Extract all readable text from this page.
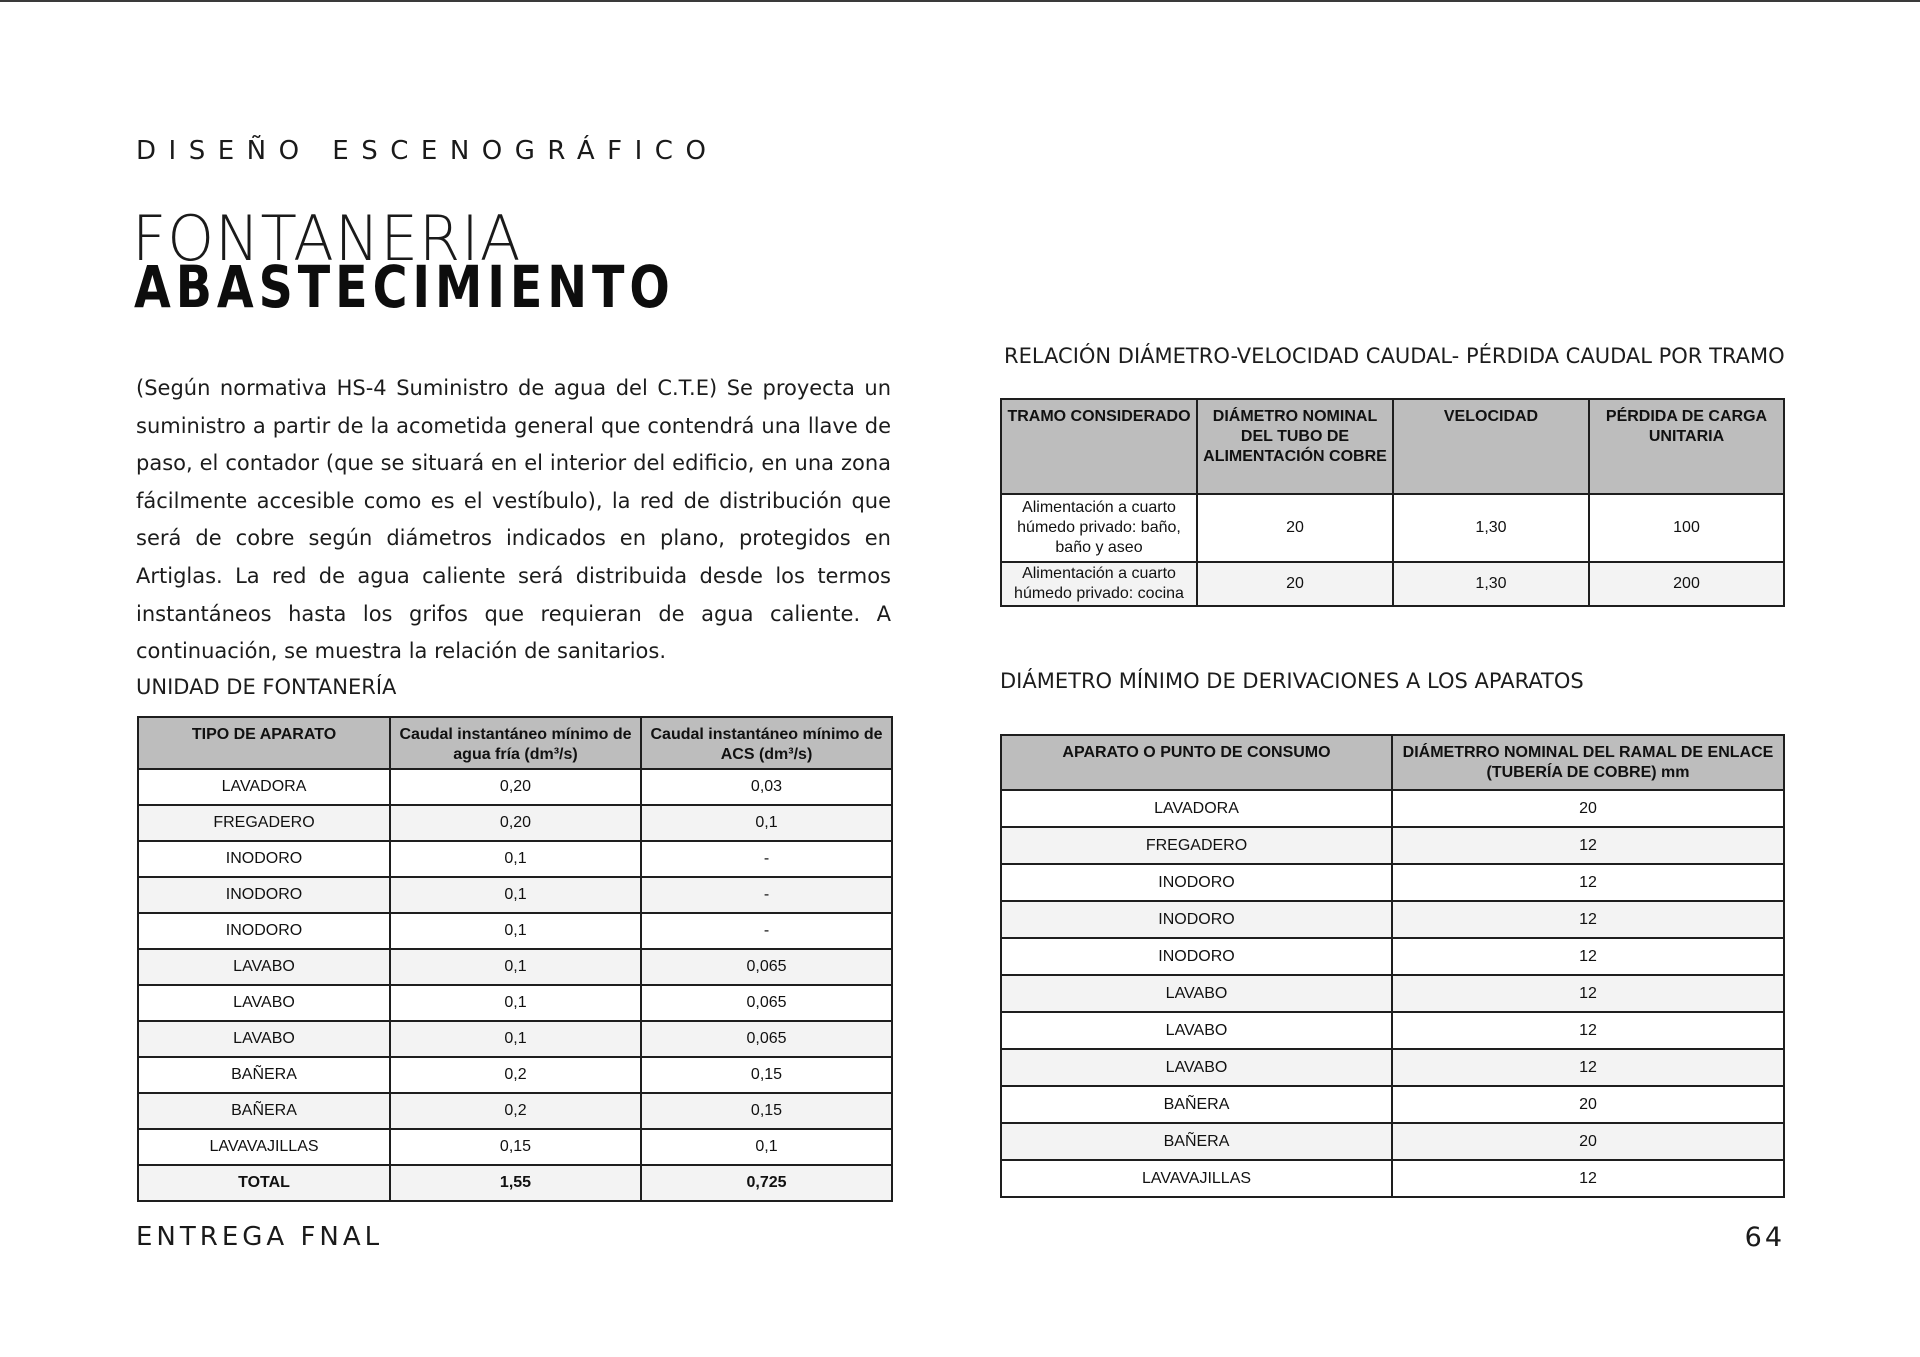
DISEÑO ESCENOGRÁFICO
FONTANERIA
ABASTECIMIENTO

(Según normativa HS-4 Suministro de agua del C.T.E) Se proyecta un suministro a partir de la acometida general que contendrá una llave de paso, el contador (que se situará en el interior del edificio, en una zona fácilmente accesible como es el vestíbulo), la red de distribución que será de cobre según diámetros indicados en plano, protegidos en Artiglas. La red de agua caliente será distribuida desde los termos instantáneos hasta los grifos que requieran de agua caliente. A continuación, se muestra la relación de sanitarios.

UNIDAD DE FONTANERÍA
TIPO DE APARATO	Caudal instantáneo mínimo de agua fría (dm³/s)	Caudal instantáneo mínimo de ACS (dm³/s)
LAVADORA	0,20	0,03
FREGADERO	0,20	0,1
INODORO	0,1	-
INODORO	0,1	-
INODORO	0,1	-
LAVABO	0,1	0,065
LAVABO	0,1	0,065
LAVABO	0,1	0,065
BAÑERA	0,2	0,15
BAÑERA	0,2	0,15
LAVAVAJILLAS	0,15	0,1
TOTAL	1,55	0,725
RELACIÓN DIÁMETRO-VELOCIDAD CAUDAL- PÉRDIDA CAUDAL POR TRAMO
TRAMO CONSIDERADO	DIÁMETRO NOMINAL DEL TUBO DE ALIMENTACIÓN COBRE	VELOCIDAD	PÉRDIDA DE CARGA UNITARIA
Alimentación a cuarto húmedo privado: baño, baño y aseo	20	1,30	100
Alimentación a cuarto húmedo privado: cocina	20	1,30	200
DIÁMETRO MÍNIMO DE DERIVACIONES A LOS APARATOS
APARATO O PUNTO DE CONSUMO	DIÁMETRRO NOMINAL DEL RAMAL DE ENLACE (TUBERÍA DE COBRE) mm
LAVADORA	20
FREGADERO	12
INODORO	12
INODORO	12
INODORO	12
LAVABO	12
LAVABO	12
LAVABO	12
BAÑERA	20
BAÑERA	20
LAVAVAJILLAS	12
ENTREGA FNAL	64
